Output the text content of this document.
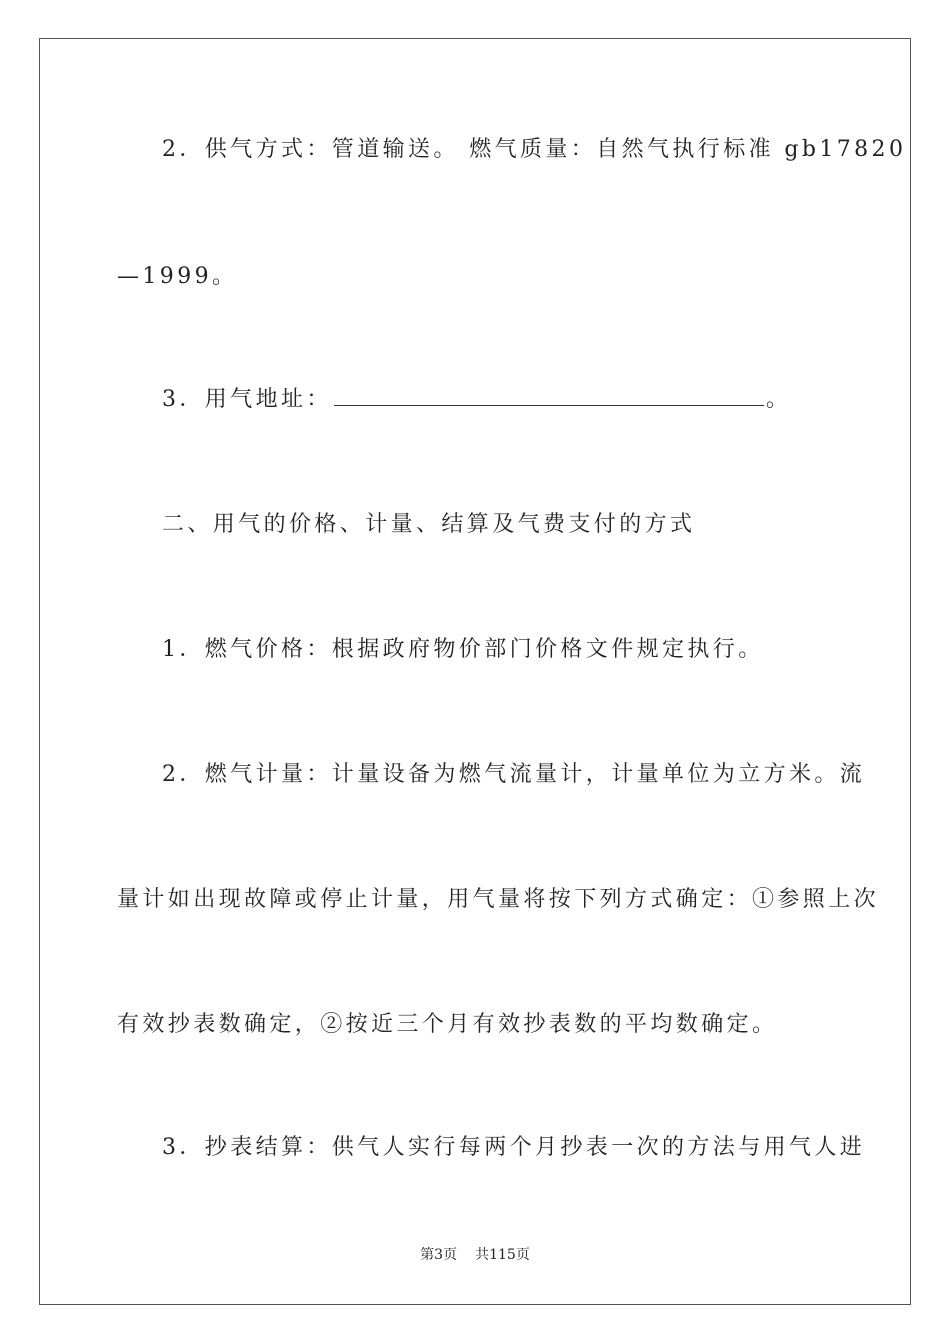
2．供气方式：管道输送。 燃气质量：自然气执行标准 gb17820
—1999。
3．用气地址：	。
二、用气的价格、计量、结算及气费支付的方式
1．燃气价格：根据政府物价部门价格文件规定执行。
2．燃气计量：计量设备为燃气流量计，计量单位为立方米。流
量计如出现故障或停止计量，用气量将按下列方式确定：①参照上次
有效抄表数确定，②按近三个月有效抄表数的平均数确定。
3．抄表结算：供气人实行每两个月抄表一次的方法与用气人进
第3页 共115页
